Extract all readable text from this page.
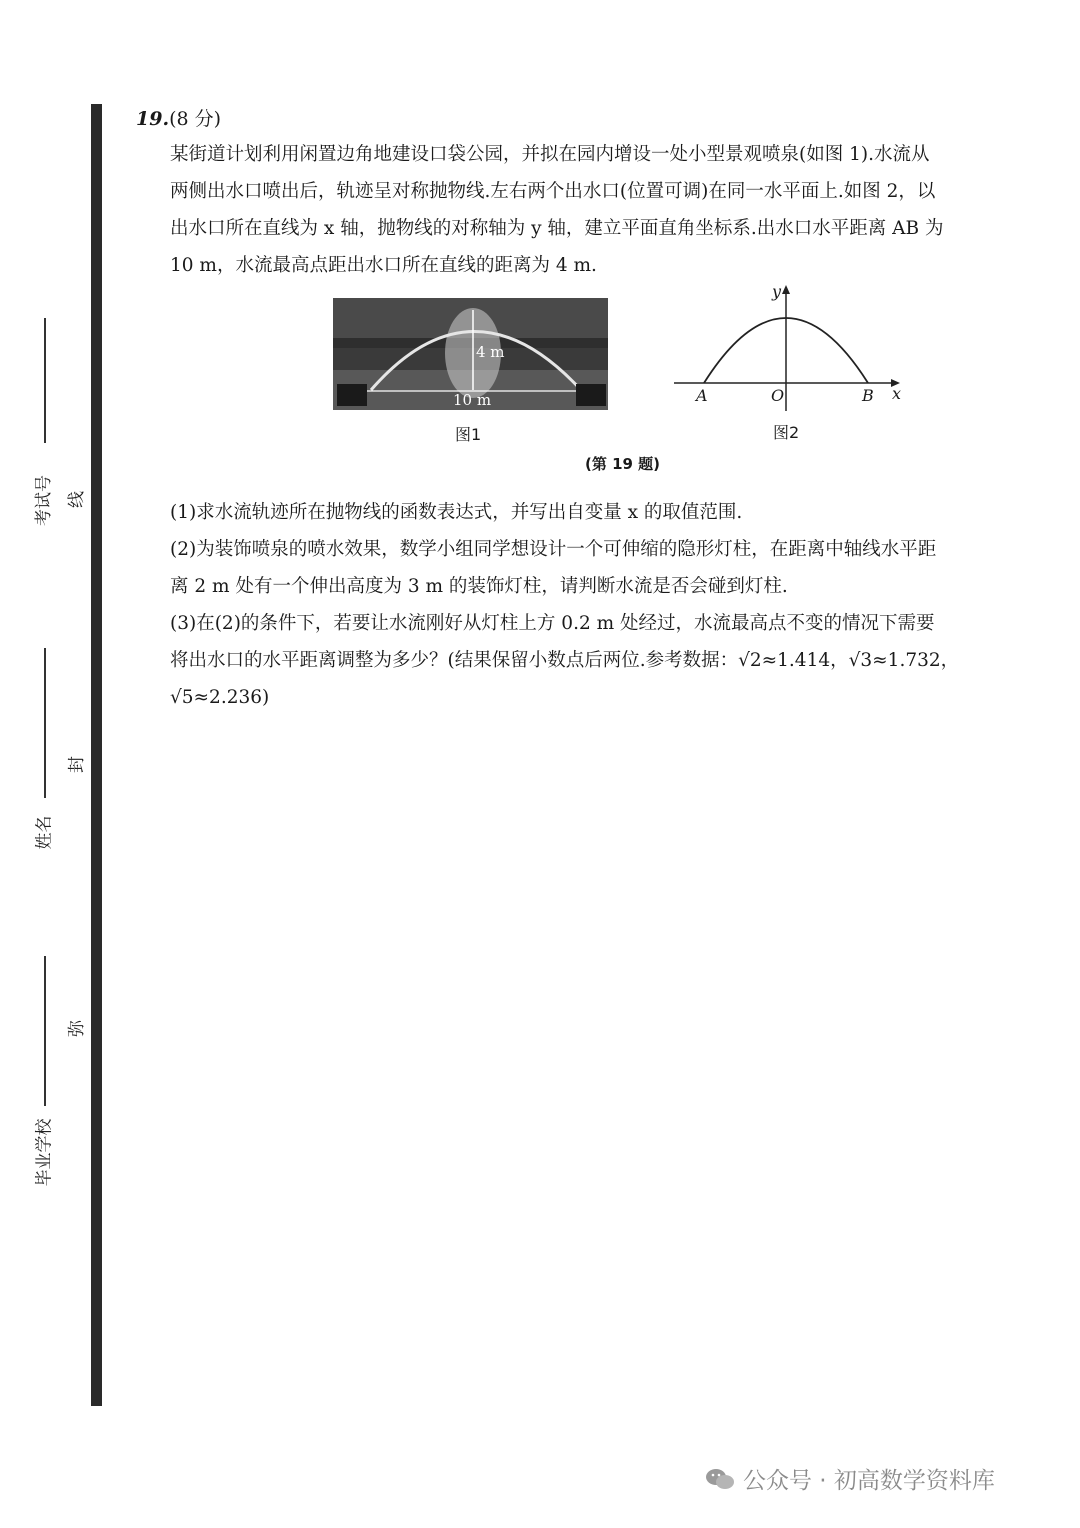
考试号
姓名
毕业学校
线
封
弥
19.(8 分)

某街道计划利用闲置边角地建设口袋公园，并拟在园内增设一处小型景观喷泉(如图 1).水流从

两侧出水口喷出后，轨迹呈对称抛物线.左右两个出水口(位置可调)在同一水平面上.如图 2，以

出水口所在直线为 x 轴，抛物线的对称轴为 y 轴，建立平面直角坐标系.出水口水平距离 AB 为

10 m，水流最高点距出水口所在直线的距离为 4 m.

4 m
10 m
图1
y
x
A	O	B
图2
(第 19 题)

(1)求水流轨迹所在抛物线的函数表达式，并写出自变量 x 的取值范围.

(2)为装饰喷泉的喷水效果，数学小组同学想设计一个可伸缩的隐形灯柱，在距离中轴线水平距

离 2 m 处有一个伸出高度为 3 m 的装饰灯柱，请判断水流是否会碰到灯柱.

(3)在(2)的条件下，若要让水流刚好从灯柱上方 0.2 m 处经过，水流最高点不变的情况下需要

将出水口的水平距离调整为多少？(结果保留小数点后两位.参考数据：√2≈1.414，√3≈1.732，

√5≈2.236)

公众号 · 初高数学资料库
